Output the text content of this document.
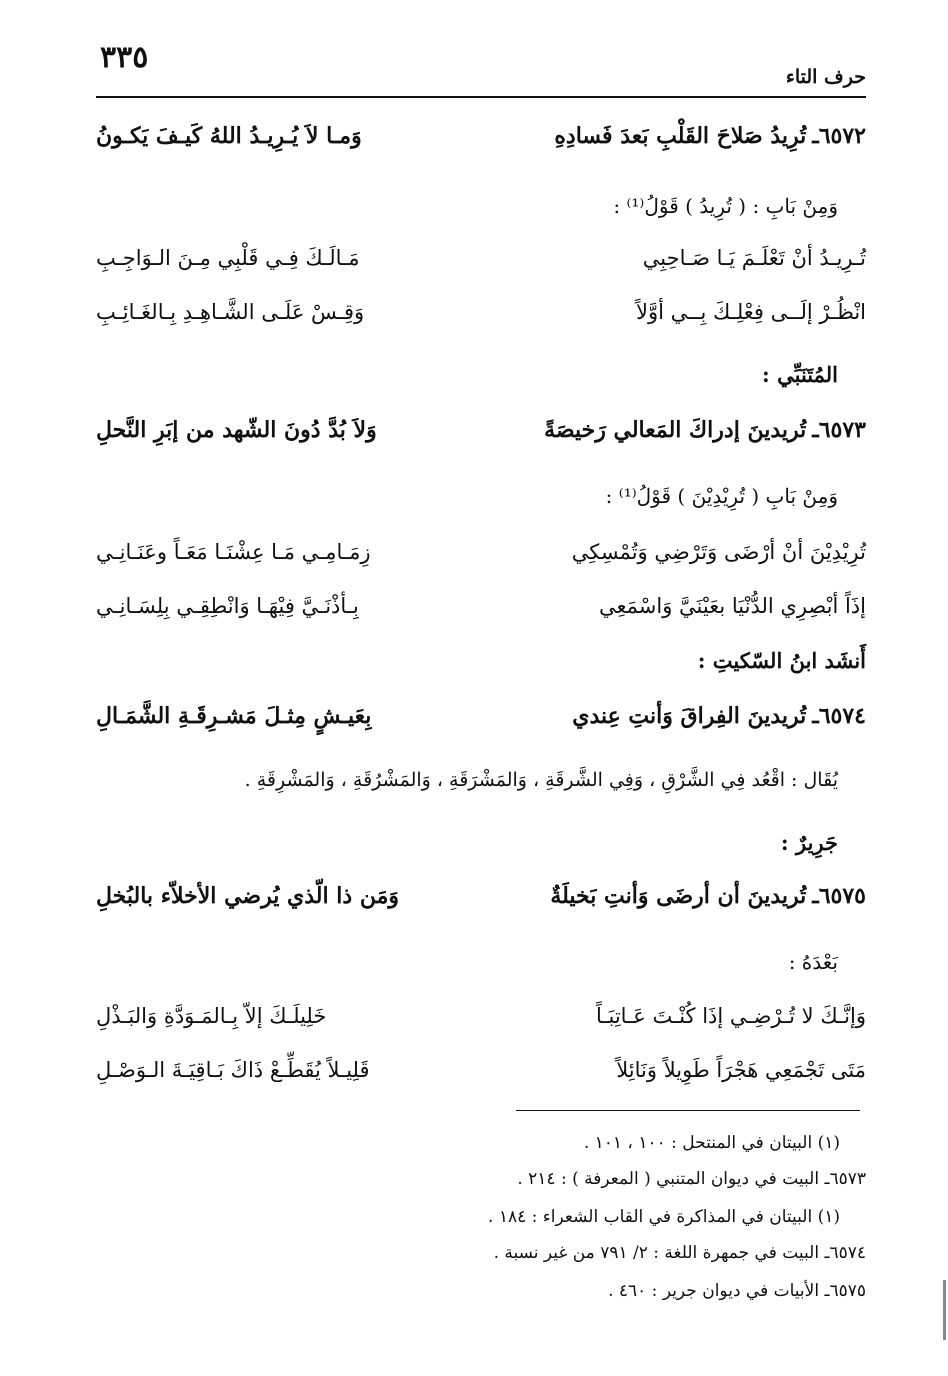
٣٣٥
حرف التاء
٦٥٧٢ـ
تُرِيدُ صَلاحَ القَلْبِ بَعدَ فَسادِهِ
وَمـا لاَ يُـرِيـدُ اللهُ كَيـفَ يَكـونُ
وَمِنْ بَابِ : ( تُرِيدُ ) قَوْلُ⁽¹⁾ :
تُـرِيـدُ أنْ تَعْلَـمَ يَـا صَـاحِبِي
مَـالَـكَ فِـي قَلْبِي مِـنَ الـوَاجِـبِ
انْظُـرْ إلَــى فِعْلِـكَ بِــي أوَّلاً
وَقِـسْ عَلَـى الشَّـاهِـدِ بِـالغَـائِـبِ
المُتَنَبِّي :
٦٥٧٣ـ
تُريدينَ إدراكَ المَعالي رَخيصَةً
وَلاَ بُدَّ دُونَ الشّهد من إبَرِ النَّحلِ
وَمِنْ بَابِ ( تُرِيْدِيْنَ ) قَوْلُ⁽¹⁾ :
تُرِيْدِيْنَ أنْ أرْضَى وَتَرْضِي وَتُمْسِكِي
زِمَـامِـي مَـا عِشْنَـا مَعَـاً وعَنَـانِـي
إذَاً أبْصِرِي الدُّنْيَا بعَيْنَيَّ وَاسْمَعِي
بِـأذْنَـيَّ فِيْهَـا وَانْطِقِـي بِلِسَـانِـي
أَنشَد ابنُ السّكيتِ :
٦٥٧٤ـ
تُريدينَ الفِراقَ وَأنتِ عِندي
بِعَيـشٍ مِثـلَ مَشـرِقَـةِ الشَّمَـالِ
يُقَال : اقْعُد فِي الشَّرْقِ ، وَفِي الشَّرقَةِ ، وَالمَشْرَقَةِ ، وَالمَشْرُقَةِ ، وَالمَشْرِقَةِ .
جَرِيرٌ :
٦٥٧٥ـ
تُريدينَ أن أرضَى وَأنتِ بَخيلَةٌ
وَمَن ذا الّذي يُرضي الأخلاّء بالبُخلِ
بَعْدَهُ :
وَإنَّـكَ لا تُـرْضِـي إذَا كُنْـتَ عَـاتِبَـاً
خَلِيلَـكَ إلاّ بِـالمَـوَدَّةِ وَالبَـذْلِ
مَتَى تَجْمَعِي هَجْرَاً طَوِيلاً وَنَائِلاً
قَلِيـلاً يُقَطِّـعْ ذَاكَ بَـاقِيَـةَ الـوَصْـلِ
(١) البيتان في المنتحل : ١٠٠ ، ١٠١ .
٦٥٧٣ـ البيت في ديوان المتنبي ( المعرفة ) : ٢١٤ .
(١) البيتان في المذاكرة في القاب الشعراء : ١٨٤ .
٦٥٧٤ـ البيت في جمهرة اللغة : ٢/ ٧٩١ من غير نسبة .
٦٥٧٥ـ الأبيات في ديوان جرير : ٤٦٠ .
